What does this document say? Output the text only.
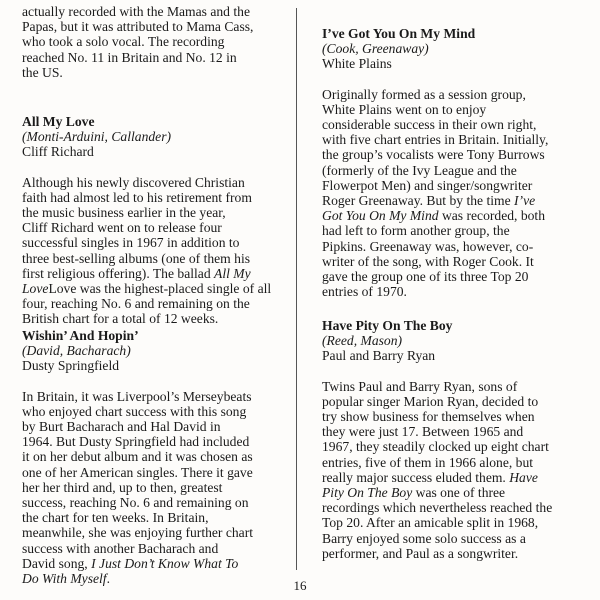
actually recorded with the Mamas and the

Papas, but it was attributed to Mama Cass,

who took a solo vocal. The recording

reached No. 11 in Britain and No. 12 in

the US.

All My Love

(Monti-Arduini, Callander)

Cliff Richard

Although his newly discovered Christian

faith had almost led to his retirement from

the music business earlier in the year,

Cliff Richard went on to release four

successful singles in 1967 in addition to

three best-selling albums (one of them his

first religious offering). The ballad All My

LoveLove was the highest-placed single of all

four, reaching No. 6 and remaining on the

British chart for a total of 12 weeks.

Wishin’ And Hopin’

(David, Bacharach)

Dusty Springfield

In Britain, it was Liverpool’s Merseybeats

who enjoyed chart success with this song

by Burt Bacharach and Hal David in

1964. But Dusty Springfield had included

it on her debut album and it was chosen as

one of her American singles. There it gave

her her third and, up to then, greatest

success, reaching No. 6 and remaining on

the chart for ten weeks. In Britain,

meanwhile, she was enjoying further chart

success with another Bacharach and

David song, I Just Don’t Know What To

Do With Myself.

I’ve Got You On My Mind

(Cook, Greenaway)

White Plains

Originally formed as a session group,

White Plains went on to enjoy

considerable success in their own right,

with five chart entries in Britain. Initially,

the group’s vocalists were Tony Burrows

(formerly of the Ivy League and the

Flowerpot Men) and singer/songwriter

Roger Greenaway. But by the time I’ve

Got You On My Mind was recorded, both

had left to form another group, the

Pipkins. Greenaway was, however, co-

writer of the song, with Roger Cook. It

gave the group one of its three Top 20

entries of 1970.

Have Pity On The Boy

(Reed, Mason)

Paul and Barry Ryan

Twins Paul and Barry Ryan, sons of

popular singer Marion Ryan, decided to

try show business for themselves when

they were just 17. Between 1965 and

1967, they steadily clocked up eight chart

entries, five of them in 1966 alone, but

really major success eluded them. Have

Pity On The Boy was one of three

recordings which nevertheless reached the

Top 20. After an amicable split in 1968,

Barry enjoyed some solo success as a

performer, and Paul as a songwriter.

16
